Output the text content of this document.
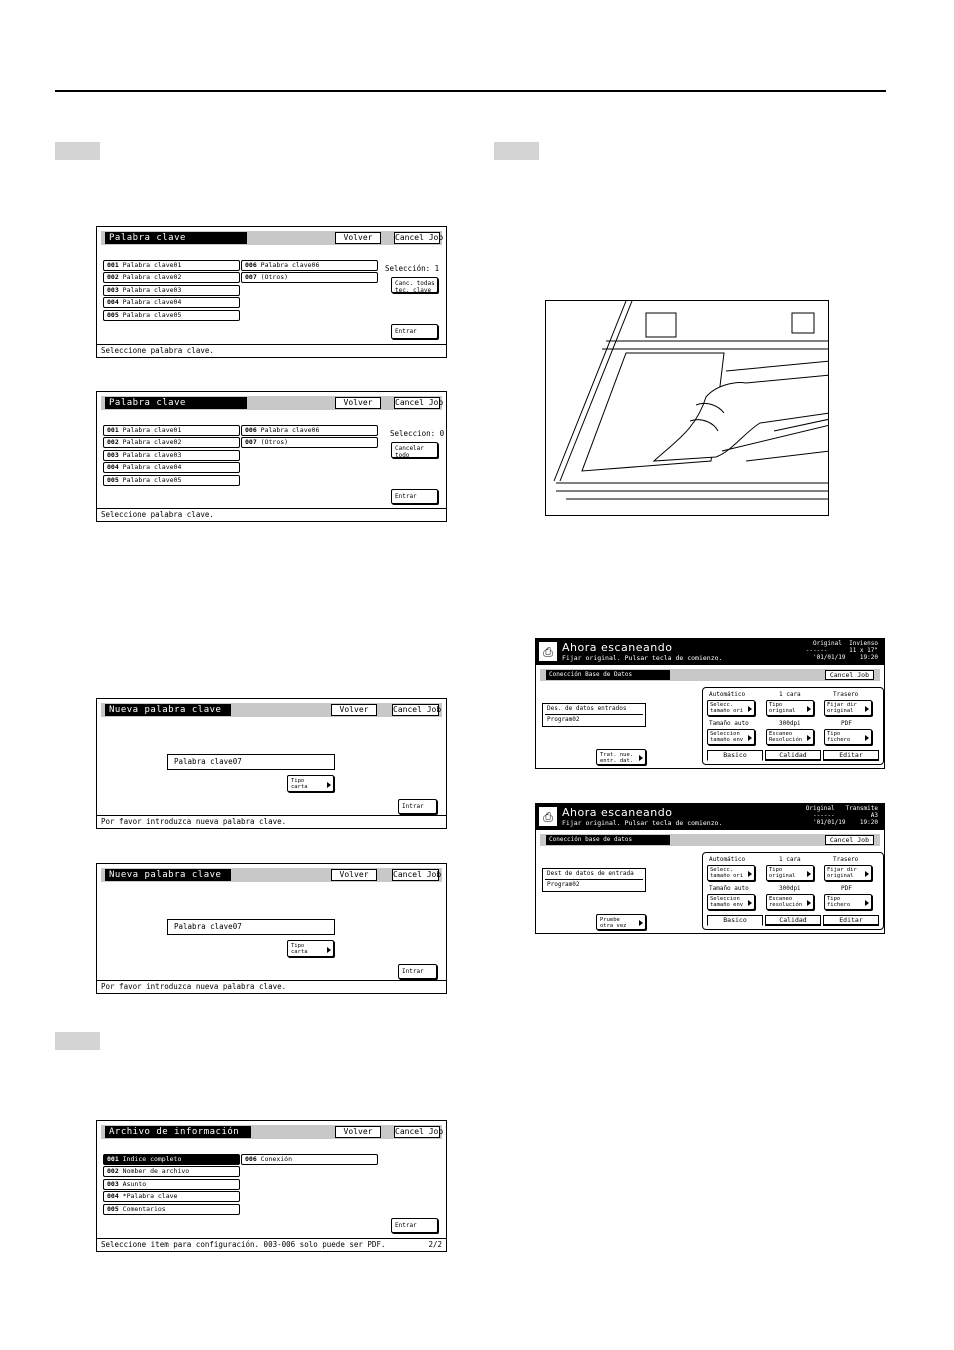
Palabra clave	Volver	Cancel Job
001 Palabra clave01
002 Palabra clave02
003 Palabra clave03
004 Palabra clave04
005 Palabra clave05
006 Palabra clave06
007 (Otros)
Selección: 1
Canc. todas
tec. clave
Entrar
Seleccione palabra clave.
Palabra clave	Volver	Cancel Job
001 Palabra clave01
002 Palabra clave02
003 Palabra clave03
004 Palabra clave04
005 Palabra clave05
006 Palabra clave06
007 (Otros)
Seleccion: 0
Cancelar
todo
Entrar
Seleccione palabra clave.
Nueva palabra clave	Volver	Cancel Job
Palabra clave07
Tipo
carta
Intrar
Por favor introduzca nueva palabra clave.
Nueva palabra clave	Volver	Cancel Job
Palabra clave07
Tipo
carta
Intrar
Por favor introduzca nueva palabra clave.
Archivo de información	Volver	Cancel Job
001 Indice completo
002 Nomber de archivo
003 Asunto
004 *Palabra clave
005 Comentarios
006 Conexión
Entrar
Seleccione item para configuración. 003-006 solo puede ser PDF.	2/2
⎙ Ahora escaneando
Fijar original. Pulsar tecla de comienzo.
Original  Invienso
------      11 x 17"
'01/01/19    19:20
Conección Base de Datos	Cancel Job
Des. de datos entrados
Program02
Trat. nue.
entr. dat.
Automático	1 cara	Trasero
Selecc.
tamaño ori
Tipo
original
Fijar dir
original
Tamaño auto	300dpi	PDF
Seleccion
tamaño env
Escaneo
Resolución
Tipo
fichero
Basico	Calidad	Editar
⎙ Ahora escaneando
Fijar original. Pulsar tecla de comienzo.
Original   Transmite
------          A3
'01/01/19    19:20
Conección base de datos	Cancel Job
Dest de datos de entrada
Program02
Pruebe
otra vez
Automático	1 cara	Trasero
Selecc.
tamaño ori
Tipo
original
Fijar dir
original
Tamaño auto	300dpi	PDF
Seleccion
tamaño env
Escaneo
resolución
Tipo
fichero
Basico	Calidad	Editar
